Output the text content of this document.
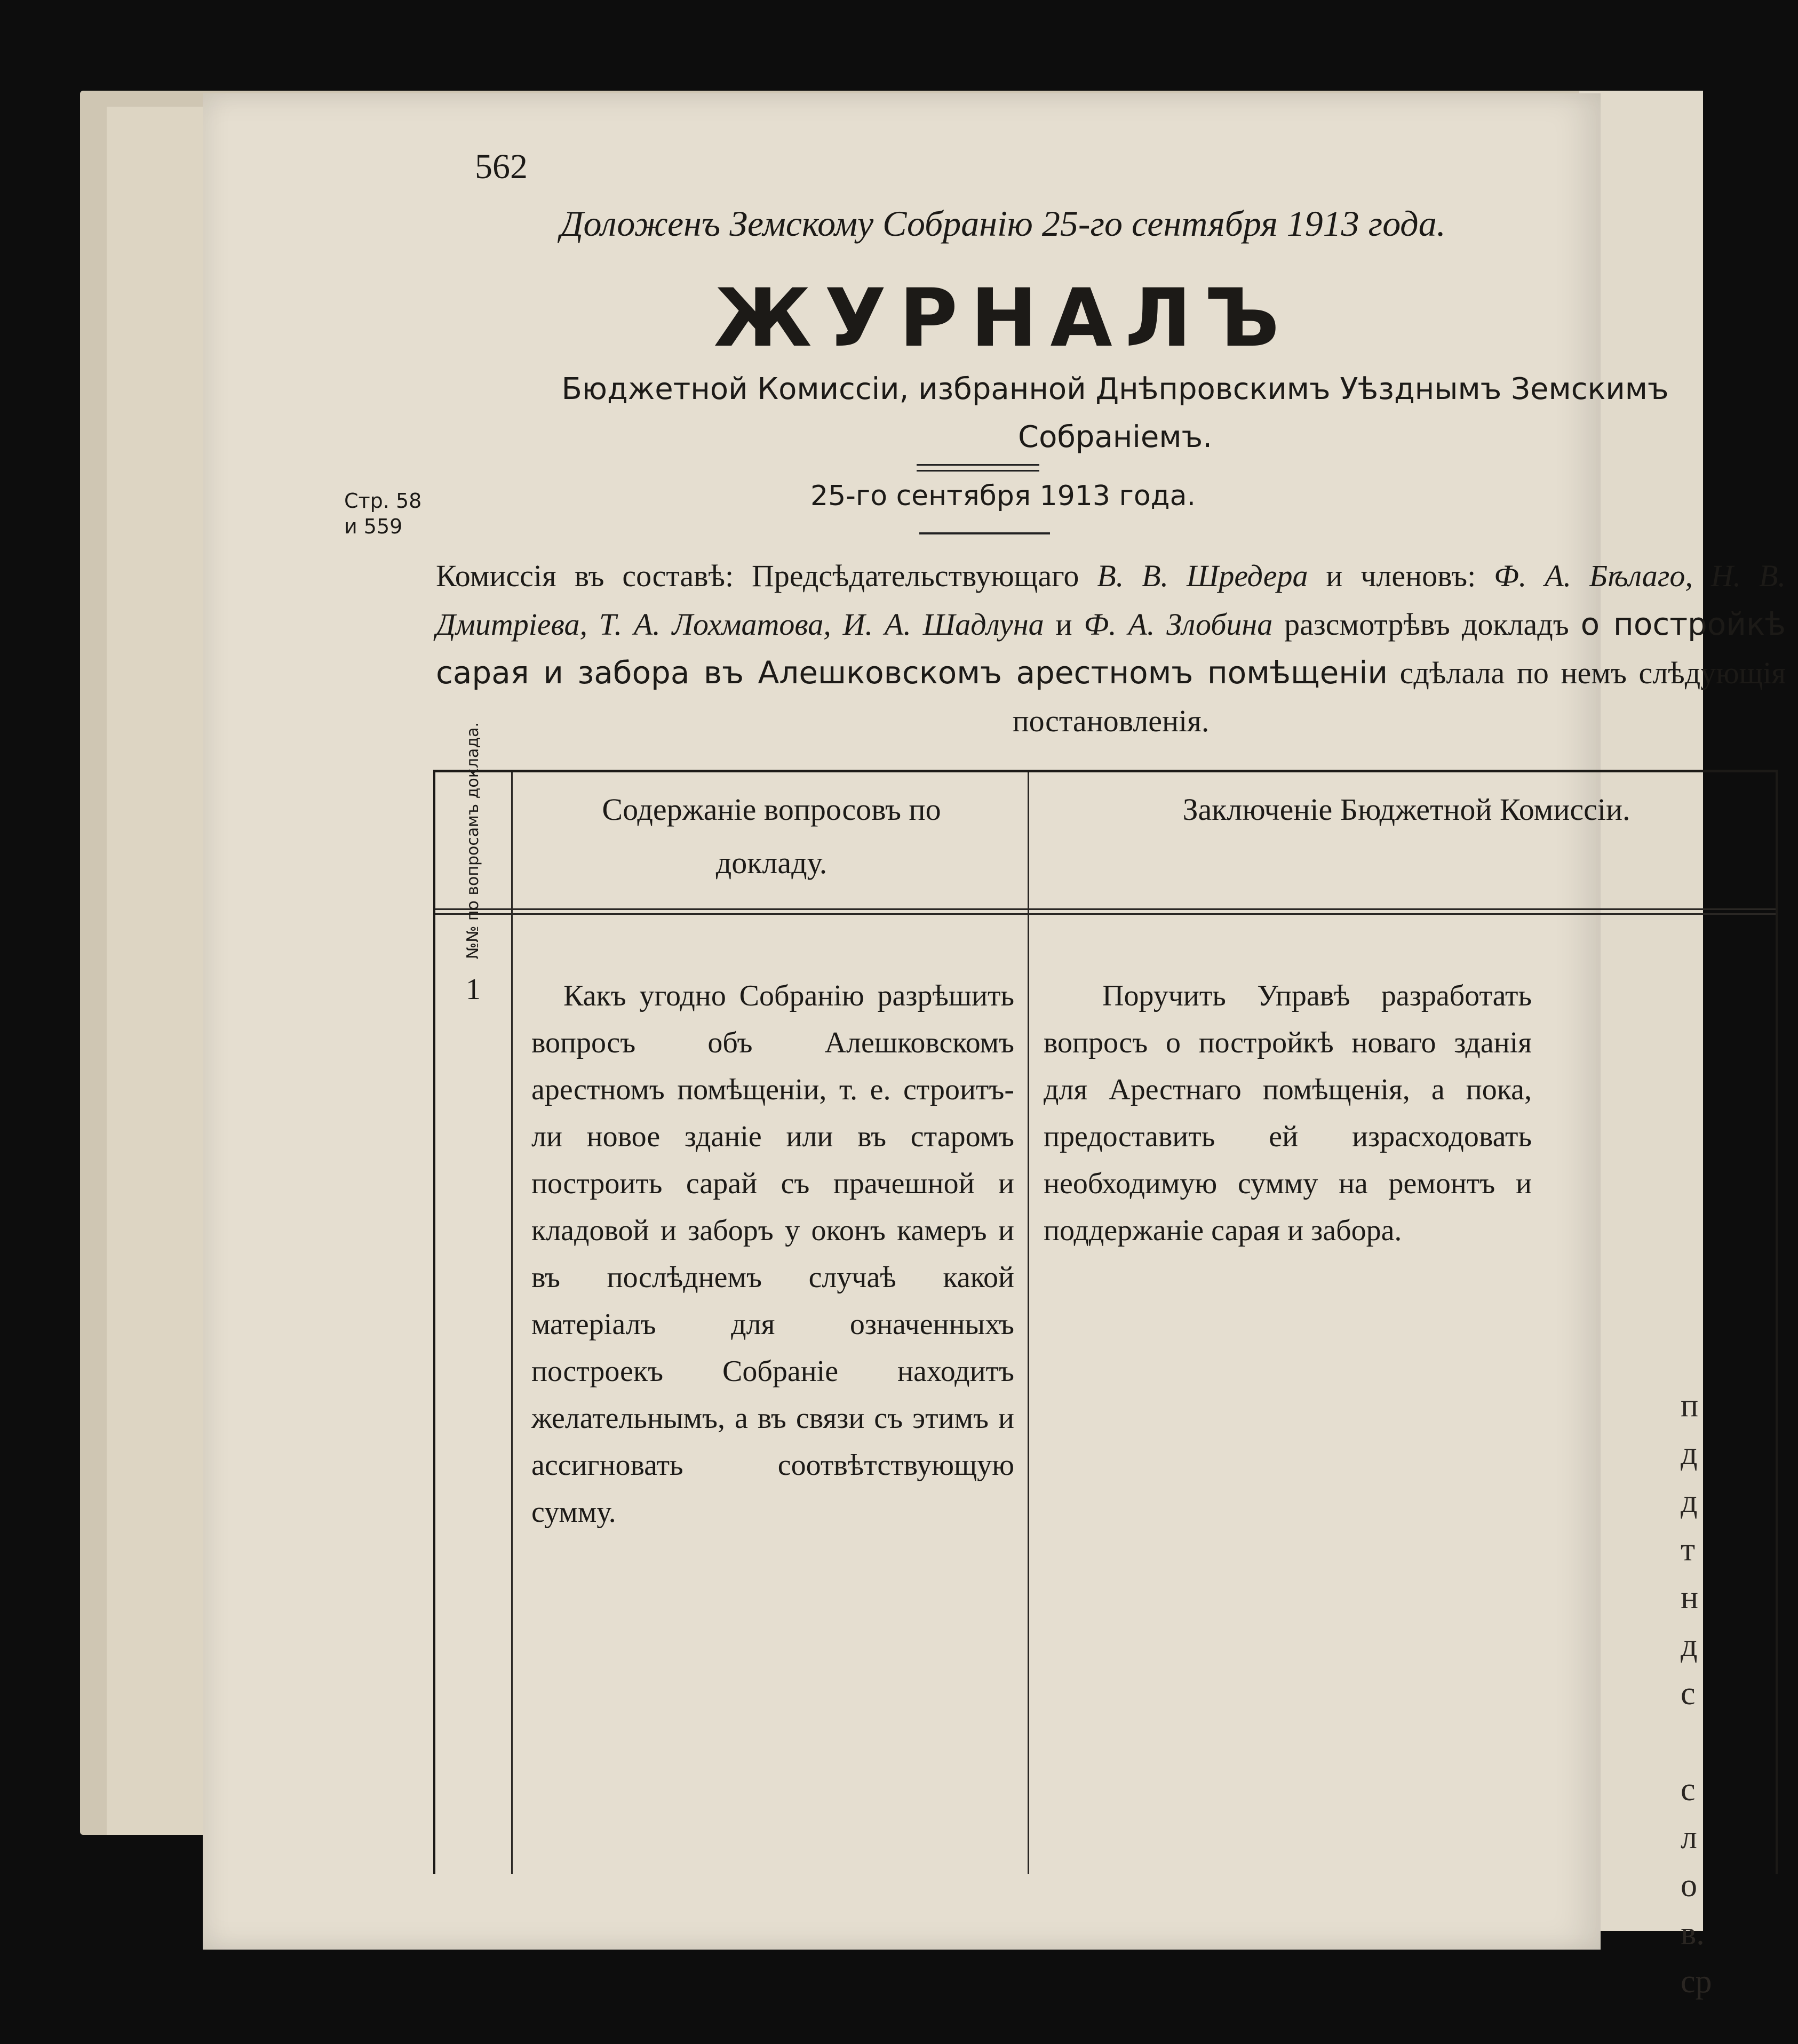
п
д
д
т
н
д
с
с
л
о
в.
ср
562
Доложенъ Земскому Собранію 25-го сентября 1913 года.
ЖУРНАЛЪ
Бюджетной Комиссіи, избранной Днѣпровскимъ Уѣзднымъ Земскимъ
Собраніемъ.
25-го сентября 1913 года.
Стр. 58
и 559
Комиссія въ составѣ: Предсѣдательствующаго В. В. Шредера и членовъ: Ф. А. Бѣлаго, Н. В. Дмитріева, Т. А. Лохматова, И. А. Шадлуна и Ф. А. Злобина разсмотрѣвъ докладъ о постройкѣ сарая и забора въ Алешковскомъ арестномъ помѣщеніи сдѣлала по немъ слѣдующія постановленія.
№№ по вопросамъ доклада.	Содержаніе вопросовъ по докладу.
Заключеніе Бюджетной Комиссіи.
1	Какъ угодно Собранію разрѣшить вопросъ объ Алешковскомъ арестномъ помѣщеніи, т. е. строитъ-ли новое зданіе или въ старомъ построить сарай съ прачешной и кладовой и заборъ у оконъ камеръ и въ послѣднемъ случаѣ какой матеріалъ для означенныхъ построекъ Собраніе находитъ желательнымъ, а въ связи съ этимъ и ассигновать соотвѣтствующую сумму.
Поручить Управѣ разработать вопросъ о постройкѣ новаго зданія для Арестнаго помѣщенія, а пока, предоставить ей израсходовать необходимую сумму на ремонтъ и поддержаніе сарая и забора.
